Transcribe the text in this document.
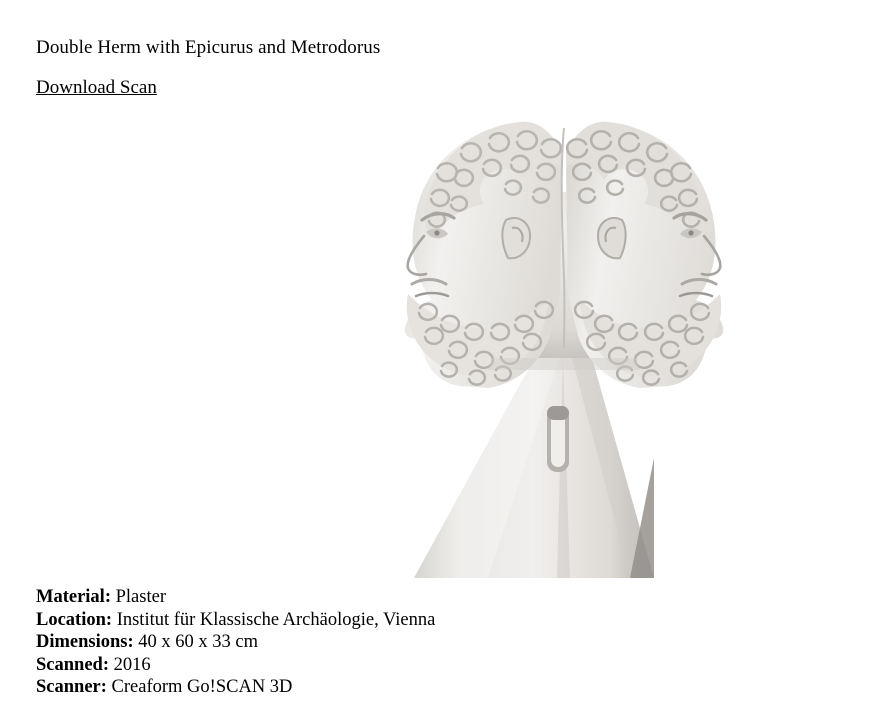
Double Herm with Epicurus and Metrodorus
Download Scan
Material: Plaster
Location: Institut für Klassische Archäologie, Vienna
Dimensions: 40 x 60 x 33 cm
Scanned: 2016
Scanner: Creaform Go!SCAN 3D
